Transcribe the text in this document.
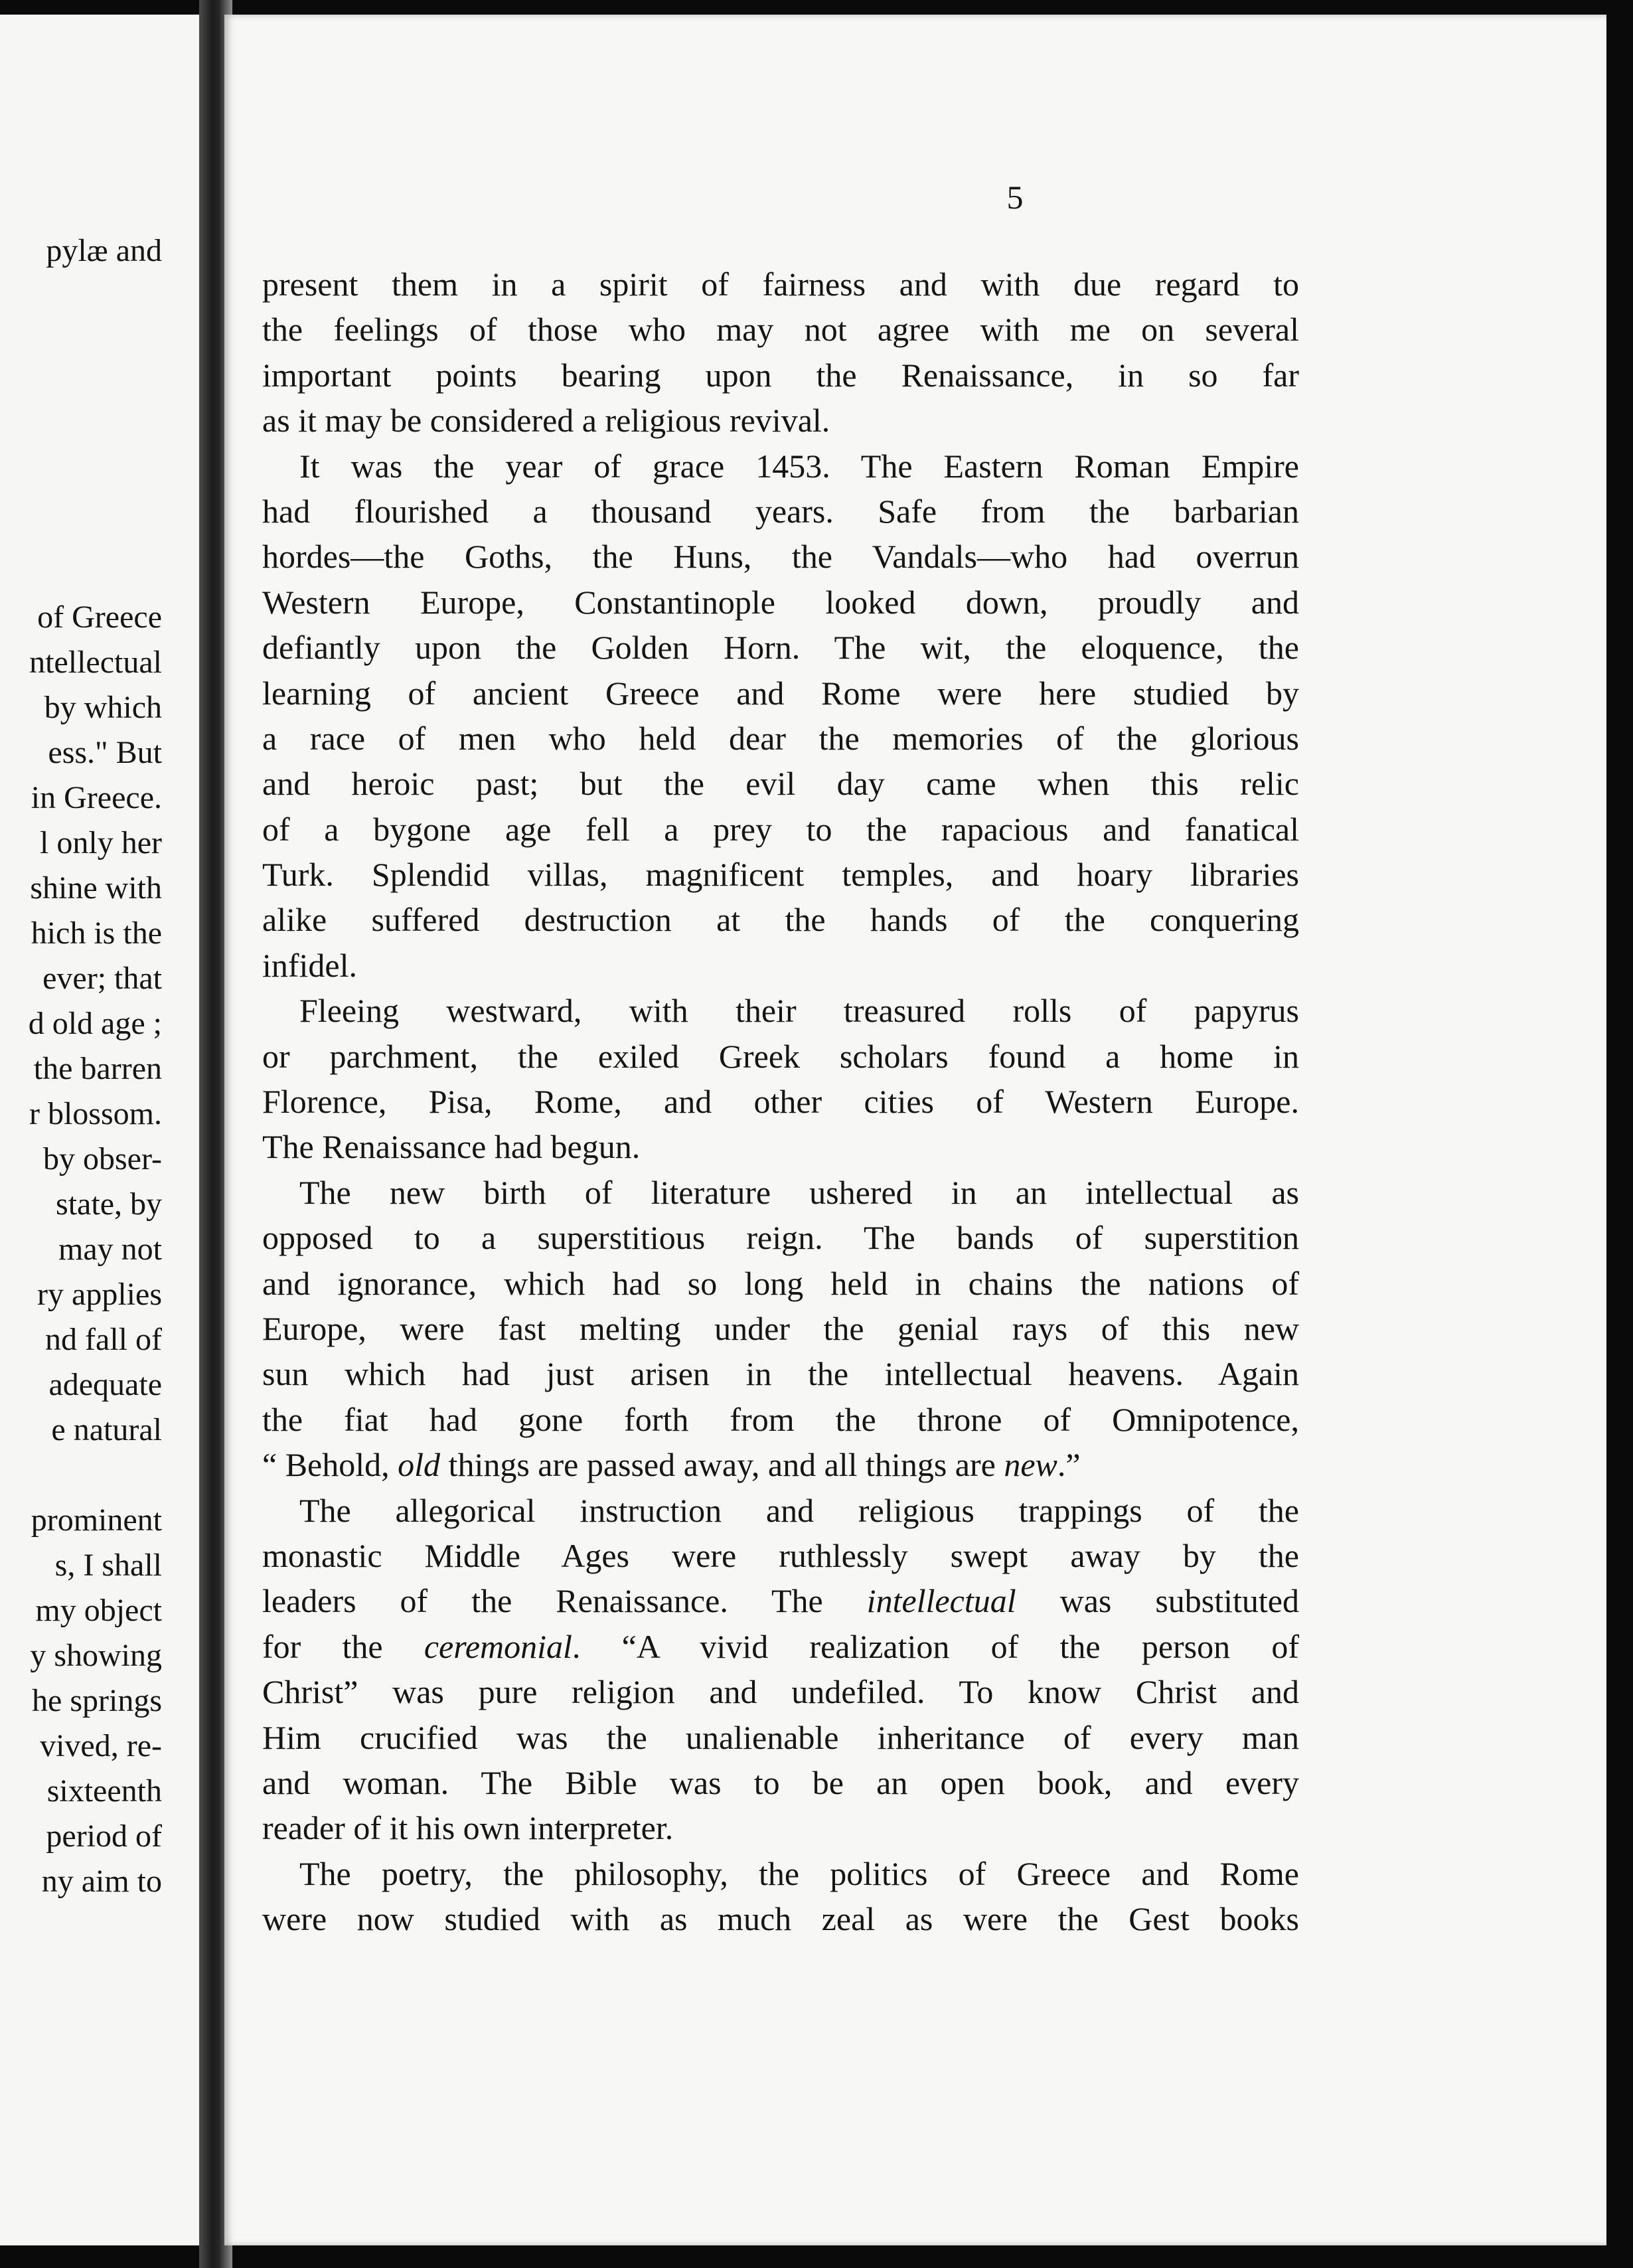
pylæ and
of Greece
ntellectual
by which
ess." But
in Greece.
l only her
shine with
hich is the
ever; that
d old age ;
the barren
r blossom.
by obser-
state, by
may not
ry applies
nd fall of
adequate
e natural
prominent
s, I shall
my object
y showing
he springs
vived, re-
sixteenth
period of
ny aim to
5

present them in a spirit of fairness and with due regard to
the feelings of those who may not agree with me on several
important points bearing upon the Renaissance, in so far
as it may be considered a religious revival.

It was the year of grace 1453. The Eastern Roman Empire
had flourished a thousand years. Safe from the barbarian
hordes—the Goths, the Huns, the Vandals—who had overrun
Western Europe, Constantinople looked down, proudly and
defiantly upon the Golden Horn. The wit, the eloquence, the
learning of ancient Greece and Rome were here studied by
a race of men who held dear the memories of the glorious
and heroic past; but the evil day came when this relic
of a bygone age fell a prey to the rapacious and fanatical
Turk. Splendid villas, magnificent temples, and hoary libraries
alike suffered destruction at the hands of the conquering
infidel.

Fleeing westward, with their treasured rolls of papyrus
or parchment, the exiled Greek scholars found a home in
Florence, Pisa, Rome, and other cities of Western Europe.
The Renaissance had begun.

The new birth of literature ushered in an intellectual as
opposed to a superstitious reign. The bands of superstition
and ignorance, which had so long held in chains the nations of
Europe, were fast melting under the genial rays of this new
sun which had just arisen in the intellectual heavens. Again
the fiat had gone forth from the throne of Omnipotence,
“ Behold, old things are passed away, and all things are new.”

The allegorical instruction and religious trappings of the
monastic Middle Ages were ruthlessly swept away by the
leaders of the Renaissance. The intellectual was substituted
for the ceremonial. “A vivid realization of the person of
Christ” was pure religion and undefiled. To know Christ and
Him crucified was the unalienable inheritance of every man
and woman. The Bible was to be an open book, and every
reader of it his own interpreter.

The poetry, the philosophy, the politics of Greece and Rome
were now studied with as much zeal as were the Gest books
